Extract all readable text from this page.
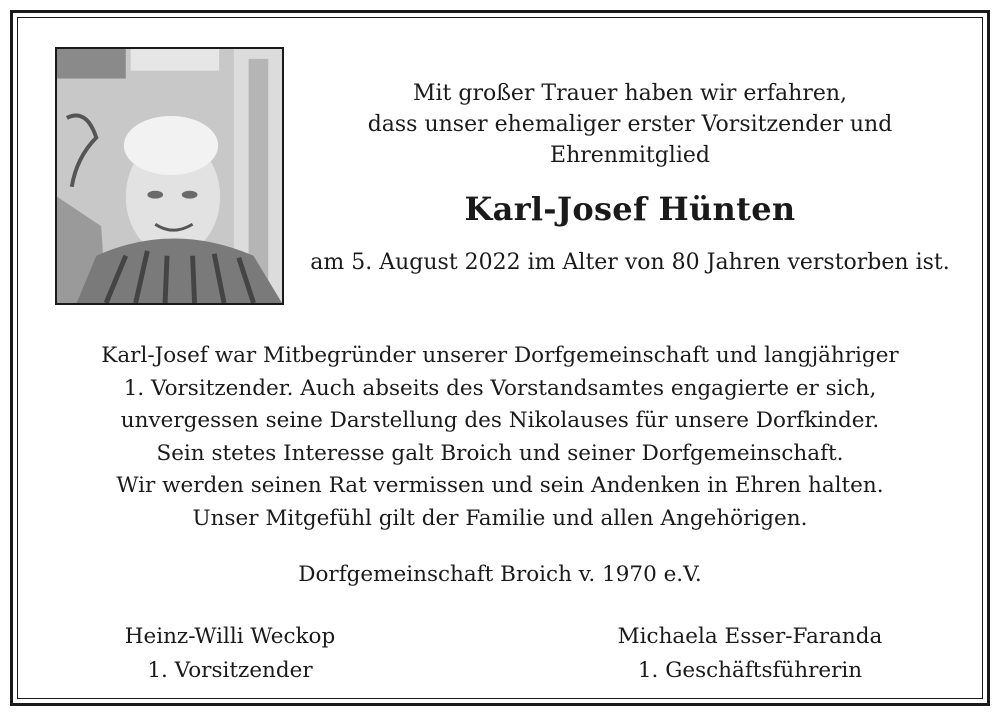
Mit großer Trauer haben wir erfahren,
dass unser ehemaliger erster Vorsitzender und
Ehrenmitglied
Karl-Josef Hünten
am 5. August 2022 im Alter von 80 Jahren verstorben ist.
Karl-Josef war Mitbegründer unserer Dorfgemeinschaft und langjähriger
1. Vorsitzender. Auch abseits des Vorstandsamtes engagierte er sich,
unvergessen seine Darstellung des Nikolauses für unsere Dorfkinder.
Sein stetes Interesse galt Broich und seiner Dorfgemeinschaft.
Wir werden seinen Rat vermissen und sein Andenken in Ehren halten.
Unser Mitgefühl gilt der Familie und allen Angehörigen.
Dorfgemeinschaft Broich v. 1970 e.V.
Heinz-Willi Weckop
1. Vorsitzender
Michaela Esser-Faranda
1. Geschäftsführerin
